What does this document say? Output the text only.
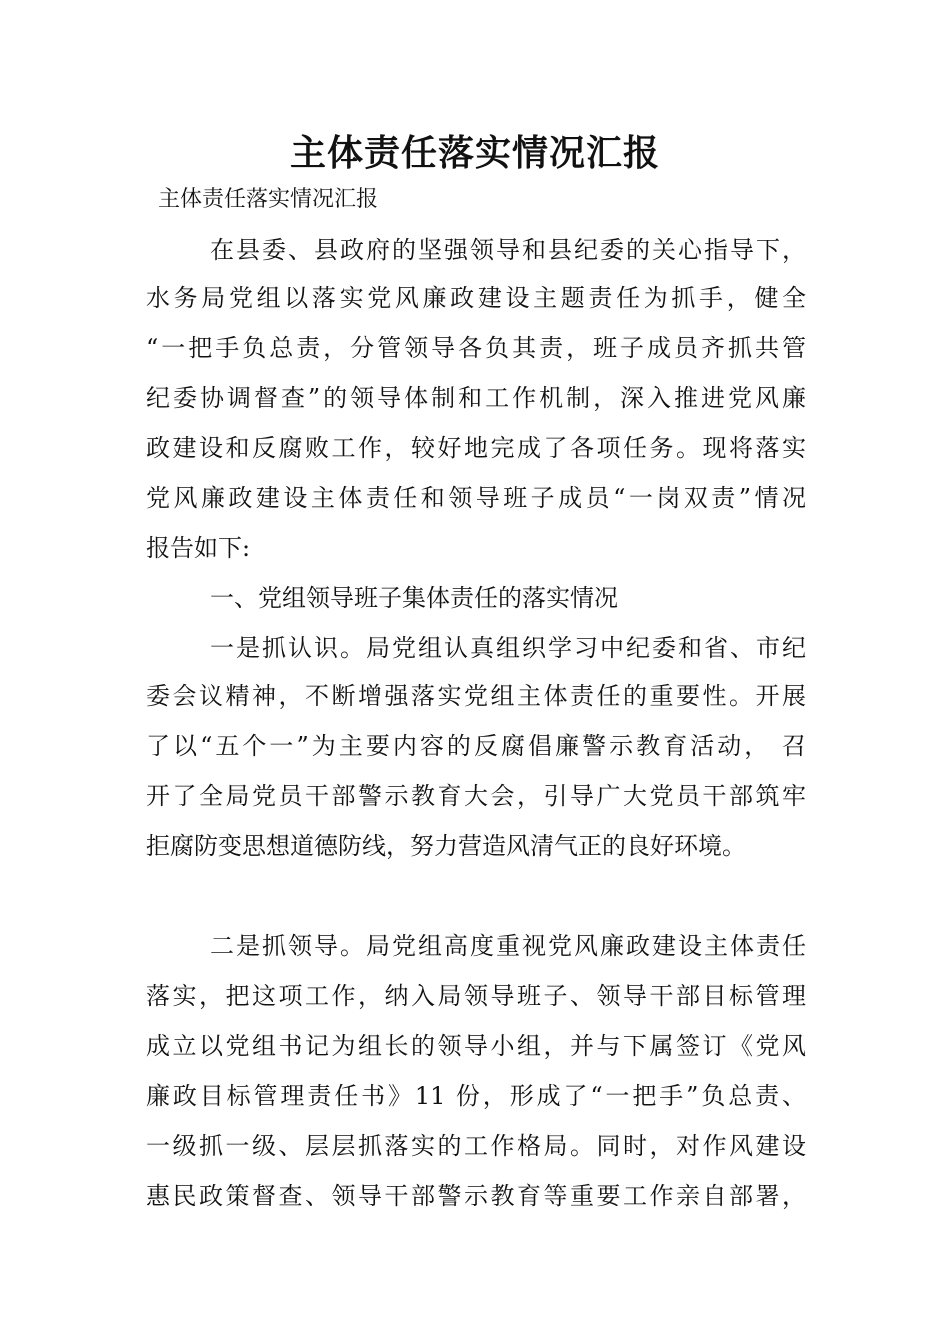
主体责任落实情况汇报

主体责任落实情况汇报

在县委、县政府的坚强领导和县纪委的关心指导下，

水务局党组以落实党风廉政建设主题责任为抓手，健全

“一把手负总责，分管领导各负其责，班子成员齐抓共管

纪委协调督查”的领导体制和工作机制，深入推进党风廉

政建设和反腐败工作，较好地完成了各项任务。现将落实

党风廉政建设主体责任和领导班子成员“一岗双责”情况

报告如下:

一、党组领导班子集体责任的落实情况

一是抓认识。局党组认真组织学习中纪委和省、市纪

委会议精神，不断增强落实党组主体责任的重要性。开展

了以“五个一”为主要内容的反腐倡廉警示教育活动， 召

开了全局党员干部警示教育大会，引导广大党员干部筑牢

拒腐防变思想道德防线，努力营造风清气正的良好环境。

二是抓领导。局党组高度重视党风廉政建设主体责任

落实，把这项工作，纳入局领导班子、领导干部目标管理

成立以党组书记为组长的领导小组，并与下属签订《党风

廉政目标管理责任书》11 份，形成了“一把手”负总责、

一级抓一级、层层抓落实的工作格局。同时，对作风建设

惠民政策督查、领导干部警示教育等重要工作亲自部署，
